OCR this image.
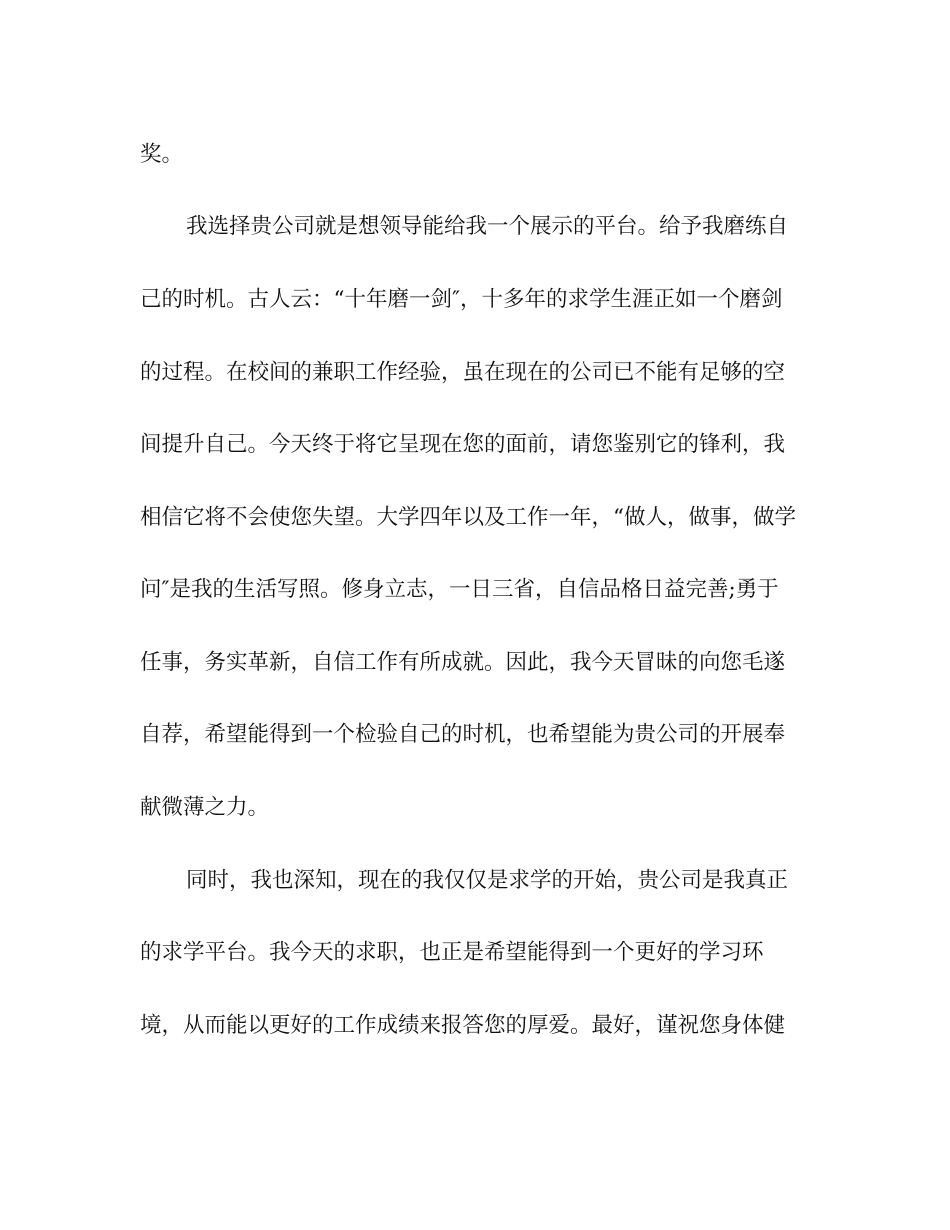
奖。
我选择贵公司就是想领导能给我一个展示的平台。给予我磨练自
己的时机。古人云：“十年磨一剑″，十多年的求学生涯正如一个磨剑
的过程。在校间的兼职工作经验，虽在现在的公司已不能有足够的空
间提升自己。今天终于将它呈现在您的面前，请您鉴别它的锋利，我
相信它将不会使您失望。大学四年以及工作一年，“做人，做事，做学
问″是我的生活写照。修身立志，一日三省，自信品格日益完善;勇于
任事，务实革新，自信工作有所成就。因此，我今天冒昧的向您毛遂
自荐，希望能得到一个检验自己的时机，也希望能为贵公司的开展奉
献微薄之力。
同时，我也深知，现在的我仅仅是求学的开始，贵公司是我真正
的求学平台。我今天的求职，也正是希望能得到一个更好的学习环
境，从而能以更好的工作成绩来报答您的厚爱。最好，谨祝您身体健
